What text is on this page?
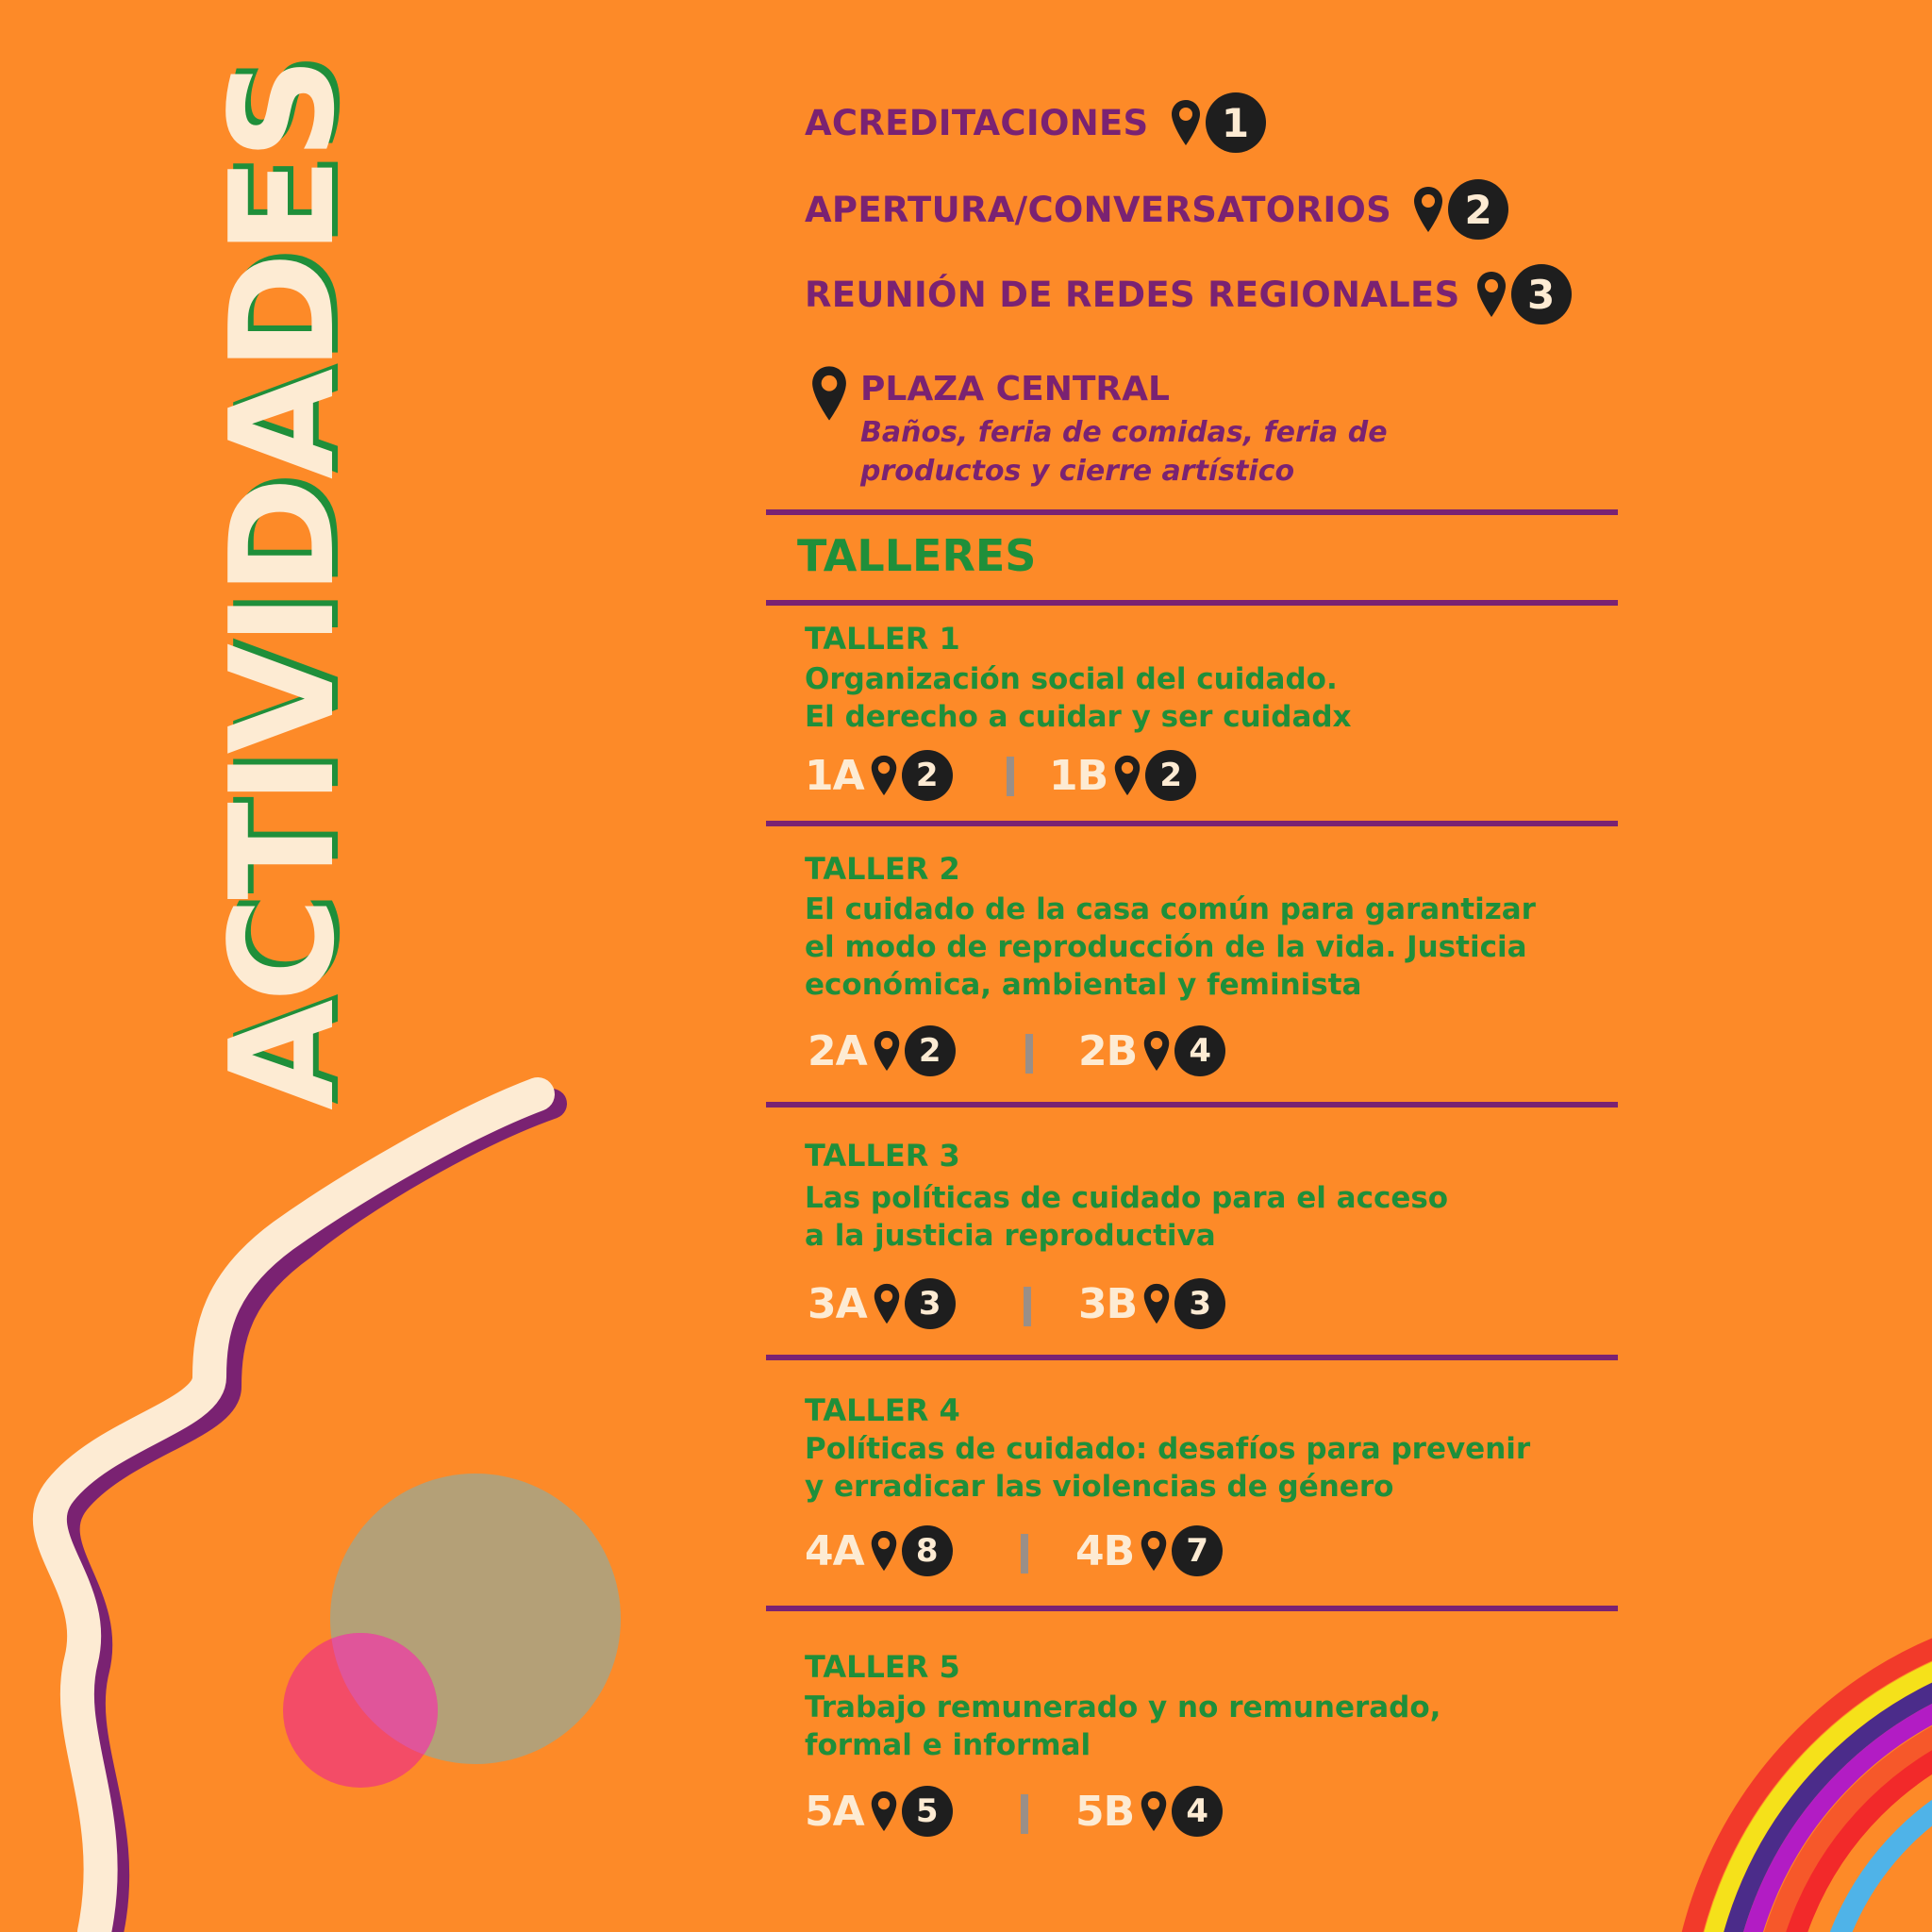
ACTIVIDADES	ACREDITACIONES	1
APERTURA/CONVERSATORIOS	2
REUNIÓN DE REDES REGIONALES	3
PLAZA CENTRAL
Baños, feria de comidas, feria de productos y cierre artístico
TALLERES
TALLER 1
Organización social del cuidado.
El derecho a cuidar y ser cuidadx
1A	2	1B	2
TALLER 2
El cuidado de la casa común para garantizar
el modo de reproducción de la vida. Justicia
económica, ambiental y feminista
2A	2	2B	4
TALLER 3
Las políticas de cuidado para el acceso
a la justicia reproductiva
3A	3	3B	3
TALLER 4
Políticas de cuidado: desafíos para prevenir
y erradicar las violencias de género
4A	8	4B	7
TALLER 5
Trabajo remunerado y no remunerado,
formal e informal
5A	5	5B	4
